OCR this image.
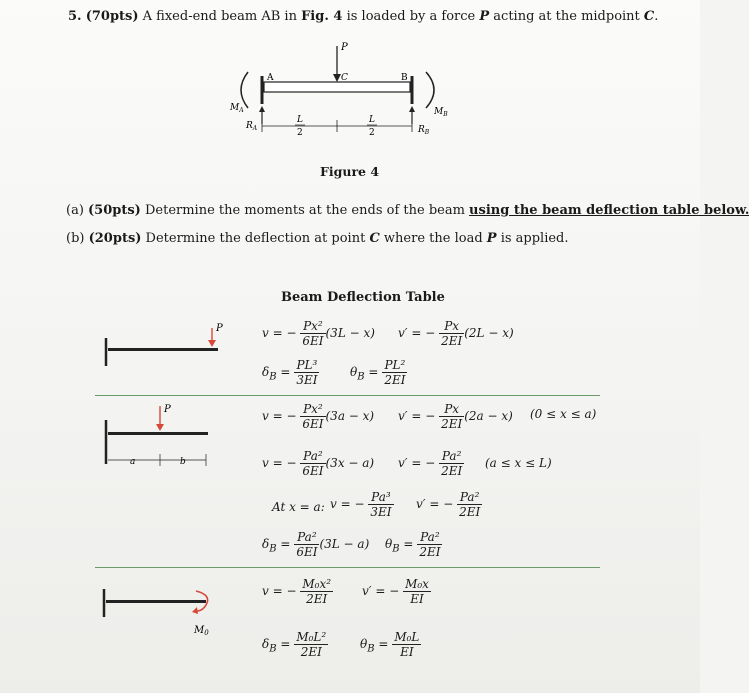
5. (70pts) A fixed-end beam AB in Fig. 4 is loaded by a force P acting at the midpoint C.
P
A	B
C
$M_A$	$M_B$
$R_A$	$R_B$
L
2
L
2
Figure 4
(a) (50pts) Determine the moments at the ends of the beam using the beam deflection table below.
(b) (20pts) Determine the deflection at point C where the load P is applied.
Beam Deflection Table
P	v = − $\frac{\text{Px²}}{6EI} (3L - x) v'$ = − $\frac{Px}{2EI} (2L - x)$
$\delta_B = \frac{\text{PL³}}{3EI}$	$\theta_B = \frac{\text{PL²}}{2EI}$
P
a	b
v = − $\frac{\text{Px²}}{6EI} (3a - x) v'$ = − $\frac{Px}{2EI} (2a - x) (0 \le x \le a)$
v = − $\frac{\text{Pa²}}{6EI} (3x - a) v'$ = − $\frac{\text{Pa²}}{2EI} (a \le x \le L)$
At x = a: v = − $\frac{\text{Pa³}}{3EI} v'$ = − $\frac{\text{Pa²}}{2EI}$
$\delta_B = \frac{\text{Pa²}}{6EI} (3L - a) \theta_B = \frac{\text{Pa²}}{2EI}$
$M_0$
v = − $\frac{\text{M₀x²}}{2EI} v'$ = − $\frac{\text{M₀x}}{EI}$
$\delta_B = \frac{\text{M₀L²}}{2EI}$	$\theta_B = \frac{\text{M₀L}}{EI}$
